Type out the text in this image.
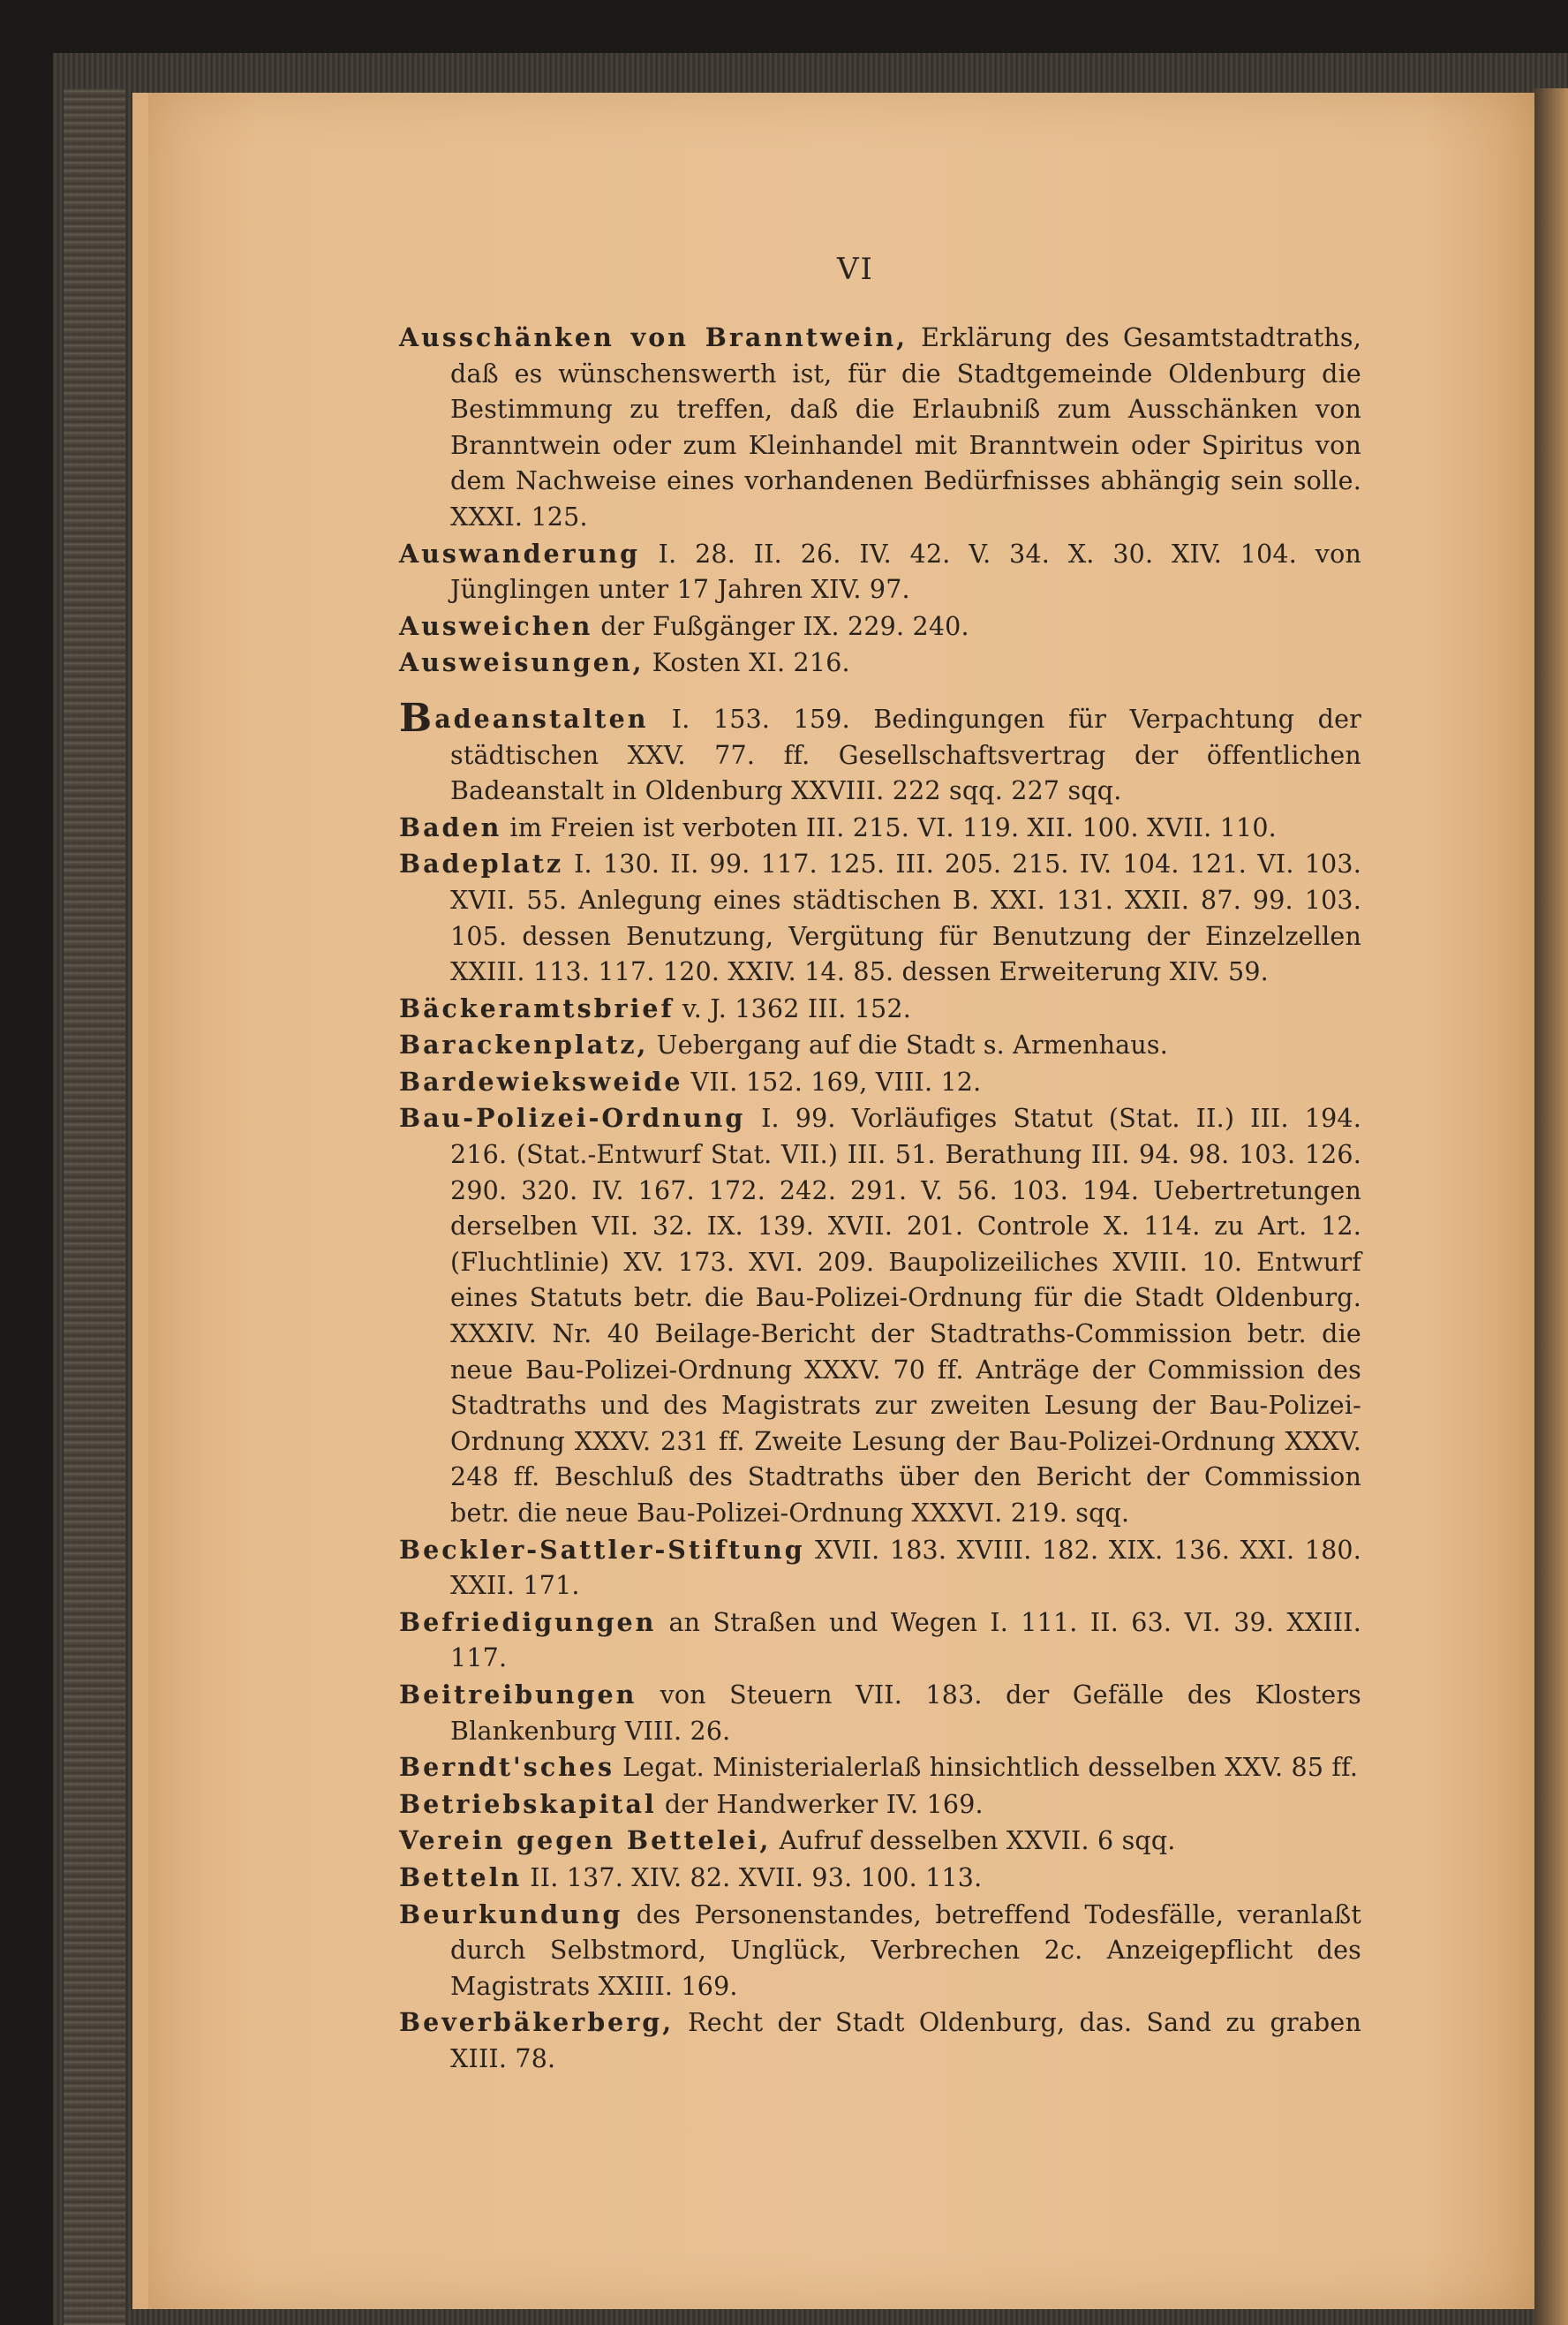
VI

Ausschänken von Branntwein, Erklärung des Gesamtstadtraths, daß es wünschenswerth ist, für die Stadtgemeinde Oldenburg die Bestimmung zu treffen, daß die Erlaubniß zum Ausschänken von Branntwein oder zum Kleinhandel mit Branntwein oder Spiritus von dem Nachweise eines vorhandenen Bedürfnisses abhängig sein solle. XXXI. 125.

Auswanderung I. 28. II. 26. IV. 42. V. 34. X. 30. XIV. 104. von Jünglingen unter 17 Jahren XIV. 97.

Ausweichen der Fußgänger IX. 229. 240.

Ausweisungen, Kosten XI. 216.

Badeanstalten I. 153. 159. Bedingungen für Verpachtung der städtischen XXV. 77. ff. Gesellschaftsvertrag der öffentlichen Badeanstalt in Oldenburg XXVIII. 222 sqq. 227 sqq.

Baden im Freien ist verboten III. 215. VI. 119. XII. 100. XVII. 110.

Badeplatz I. 130. II. 99. 117. 125. III. 205. 215. IV. 104. 121. VI. 103. XVII. 55. Anlegung eines städtischen B. XXI. 131. XXII. 87. 99. 103. 105. dessen Benutzung, Vergütung für Benutzung der Einzelzellen XXIII. 113. 117. 120. XXIV. 14. 85. dessen Erweiterung XIV. 59.

Bäckeramtsbrief v. J. 1362 III. 152.

Barackenplatz, Uebergang auf die Stadt s. Armenhaus.

Bardewieksweide VII. 152. 169, VIII. 12.

Bau-Polizei-Ordnung I. 99. Vorläufiges Statut (Stat. II.) III. 194. 216. (Stat.-Entwurf Stat. VII.) III. 51. Berathung III. 94. 98. 103. 126. 290. 320. IV. 167. 172. 242. 291. V. 56. 103. 194. Uebertretungen derselben VII. 32. IX. 139. XVII. 201. Controle X. 114. zu Art. 12. (Fluchtlinie) XV. 173. XVI. 209. Baupolizeiliches XVIII. 10. Entwurf eines Statuts betr. die Bau-Polizei-Ordnung für die Stadt Oldenburg. XXXIV. Nr. 40 Beilage-Bericht der Stadtraths-Commission betr. die neue Bau-Polizei-Ordnung XXXV. 70 ff. Anträge der Commission des Stadtraths und des Magistrats zur zweiten Lesung der Bau-Polizei-Ordnung XXXV. 231 ff. Zweite Lesung der Bau-Polizei-Ordnung XXXV. 248 ff. Beschluß des Stadtraths über den Bericht der Commission betr. die neue Bau-Polizei-Ordnung XXXVI. 219. sqq.

Beckler-Sattler-Stiftung XVII. 183. XVIII. 182. XIX. 136. XXI. 180. XXII. 171.

Befriedigungen an Straßen und Wegen I. 111. II. 63. VI. 39. XXIII. 117.

Beitreibungen von Steuern VII. 183. der Gefälle des Klosters Blankenburg VIII. 26.

Berndt'sches Legat. Ministerialerlaß hinsichtlich desselben XXV. 85 ff.

Betriebskapital der Handwerker IV. 169.

Verein gegen Bettelei, Aufruf desselben XXVII. 6 sqq.

Betteln II. 137. XIV. 82. XVII. 93. 100. 113.

Beurkundung des Personenstandes, betreffend Todesfälle, veranlaßt durch Selbstmord, Unglück, Verbrechen 2c. Anzeigepflicht des Magistrats XXIII. 169.

Beverbäkerberg, Recht der Stadt Oldenburg, das. Sand zu graben XIII. 78.
